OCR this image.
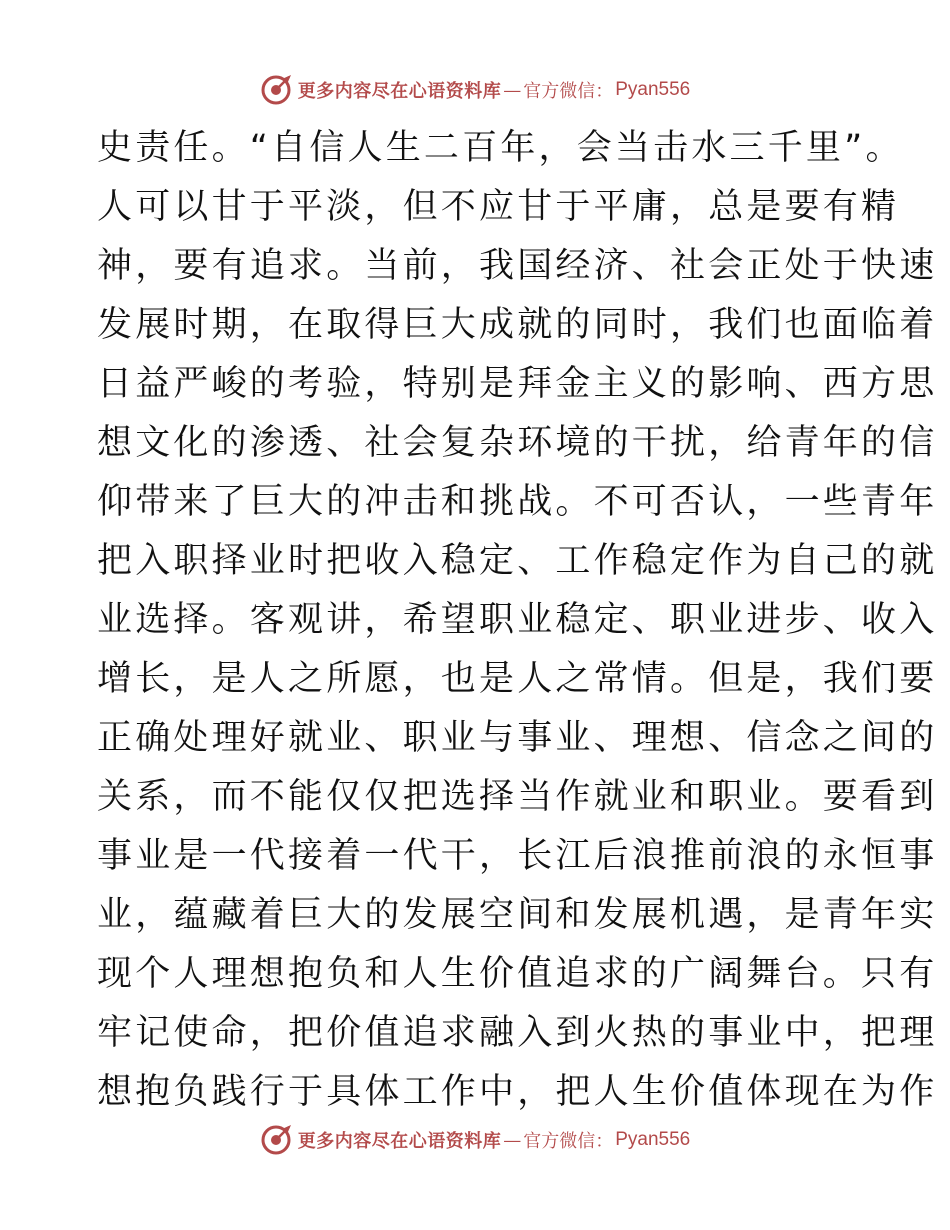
更多内容尽在心语资料库 — 官方微信： Pyan556
史责任。“自信人生二百年，会当击水三千里”。
人可以甘于平淡，但不应甘于平庸，总是要有精
神，要有追求。当前，我国经济、社会正处于快速
发展时期，在取得巨大成就的同时，我们也面临着
日益严峻的考验，特别是拜金主义的影响、西方思
想文化的渗透、社会复杂环境的干扰，给青年的信
仰带来了巨大的冲击和挑战。不可否认，一些青年
把入职择业时把收入稳定、工作稳定作为自己的就
业选择。客观讲，希望职业稳定、职业进步、收入
增长，是人之所愿，也是人之常情。但是，我们要
正确处理好就业、职业与事业、理想、信念之间的
关系，而不能仅仅把选择当作就业和职业。要看到
事业是一代接着一代干，长江后浪推前浪的永恒事
业，蕴藏着巨大的发展空间和发展机遇，是青年实
现个人理想抱负和人生价值追求的广阔舞台。只有
牢记使命，把价值追求融入到火热的事业中，把理
想抱负践行于具体工作中，把人生价值体现在为作
更多内容尽在心语资料库 — 官方微信： Pyan556
